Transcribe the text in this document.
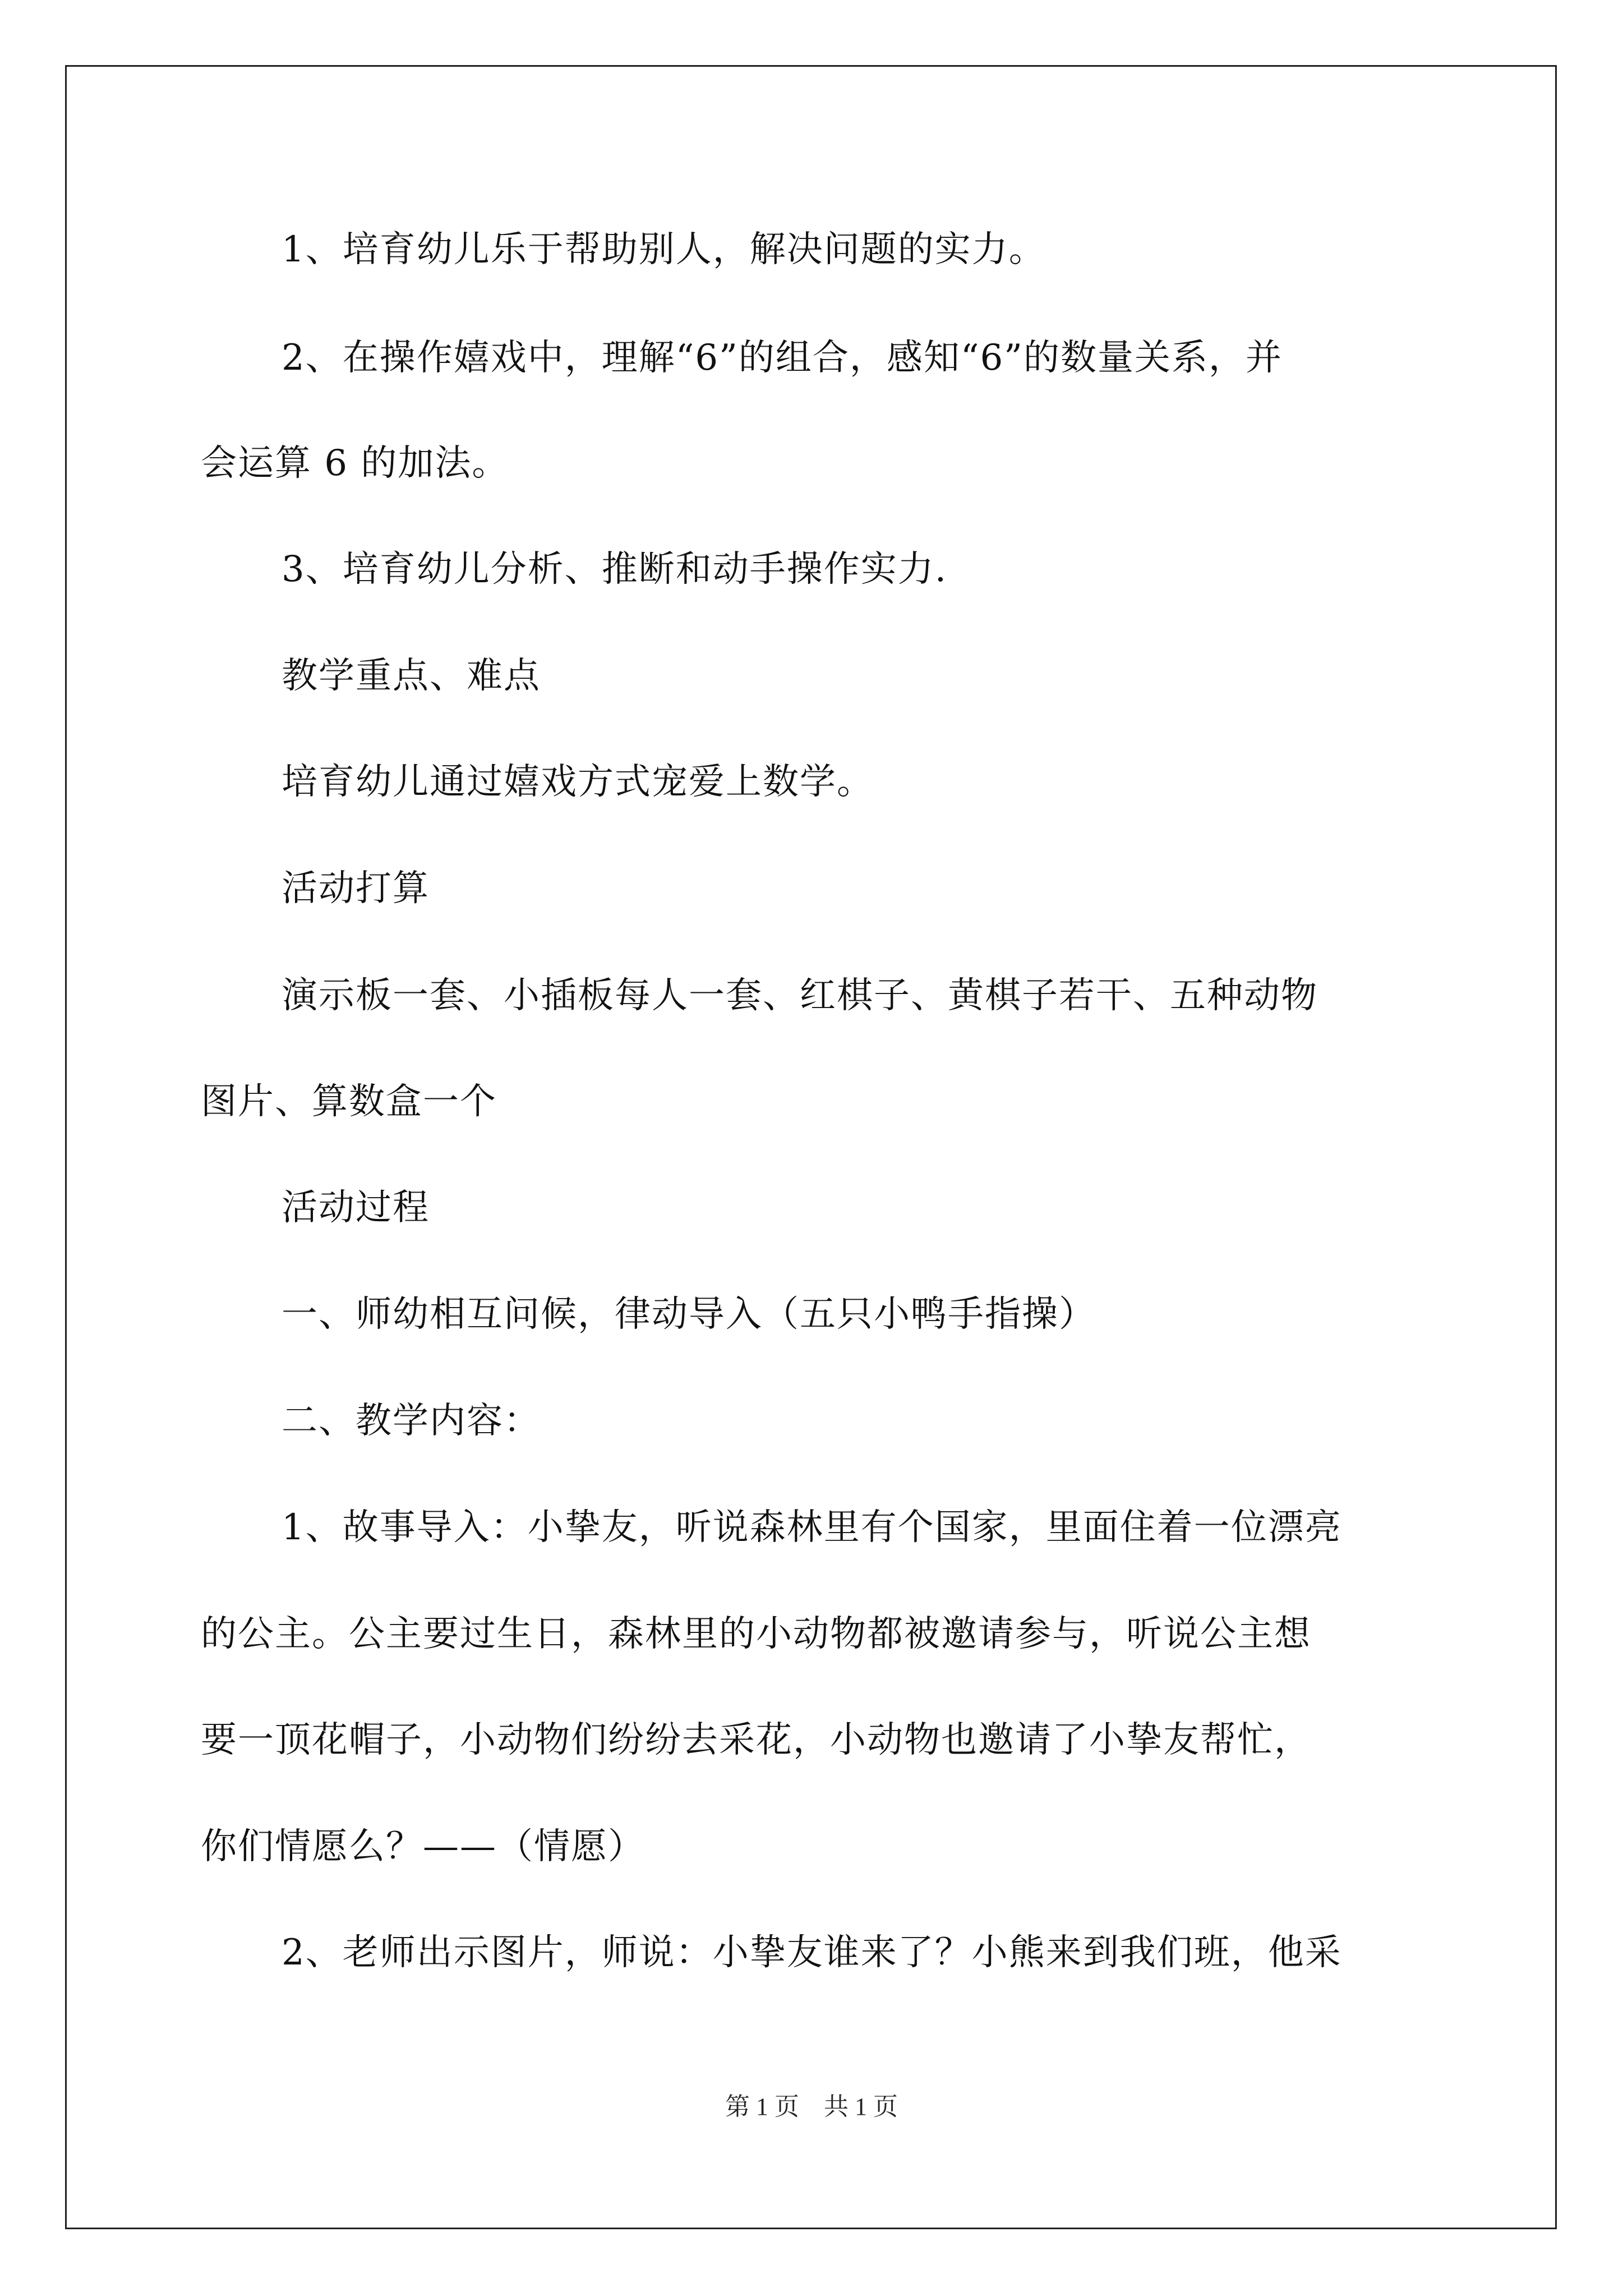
1、培育幼儿乐于帮助别人，解决问题的实力。
2、在操作嬉戏中，理解“6”的组合，感知“6”的数量关系，并
会运算 6 的加法。
3、培育幼儿分析、推断和动手操作实力.
教学重点、难点
培育幼儿通过嬉戏方式宠爱上数学。
活动打算
演示板一套、小插板每人一套、红棋子、黄棋子若干、五种动物
图片、算数盒一个
活动过程
一、师幼相互问候，律动导入（五只小鸭手指操）
二、教学内容：
1、故事导入：小挚友，听说森林里有个国家，里面住着一位漂亮
的公主。公主要过生日，森林里的小动物都被邀请参与，听说公主想
要一顶花帽子，小动物们纷纷去采花，小动物也邀请了小挚友帮忙，
你们情愿么？——（情愿）
2、老师出示图片，师说：小挚友谁来了？小熊来到我们班，他采
第 1 页　共 1 页
